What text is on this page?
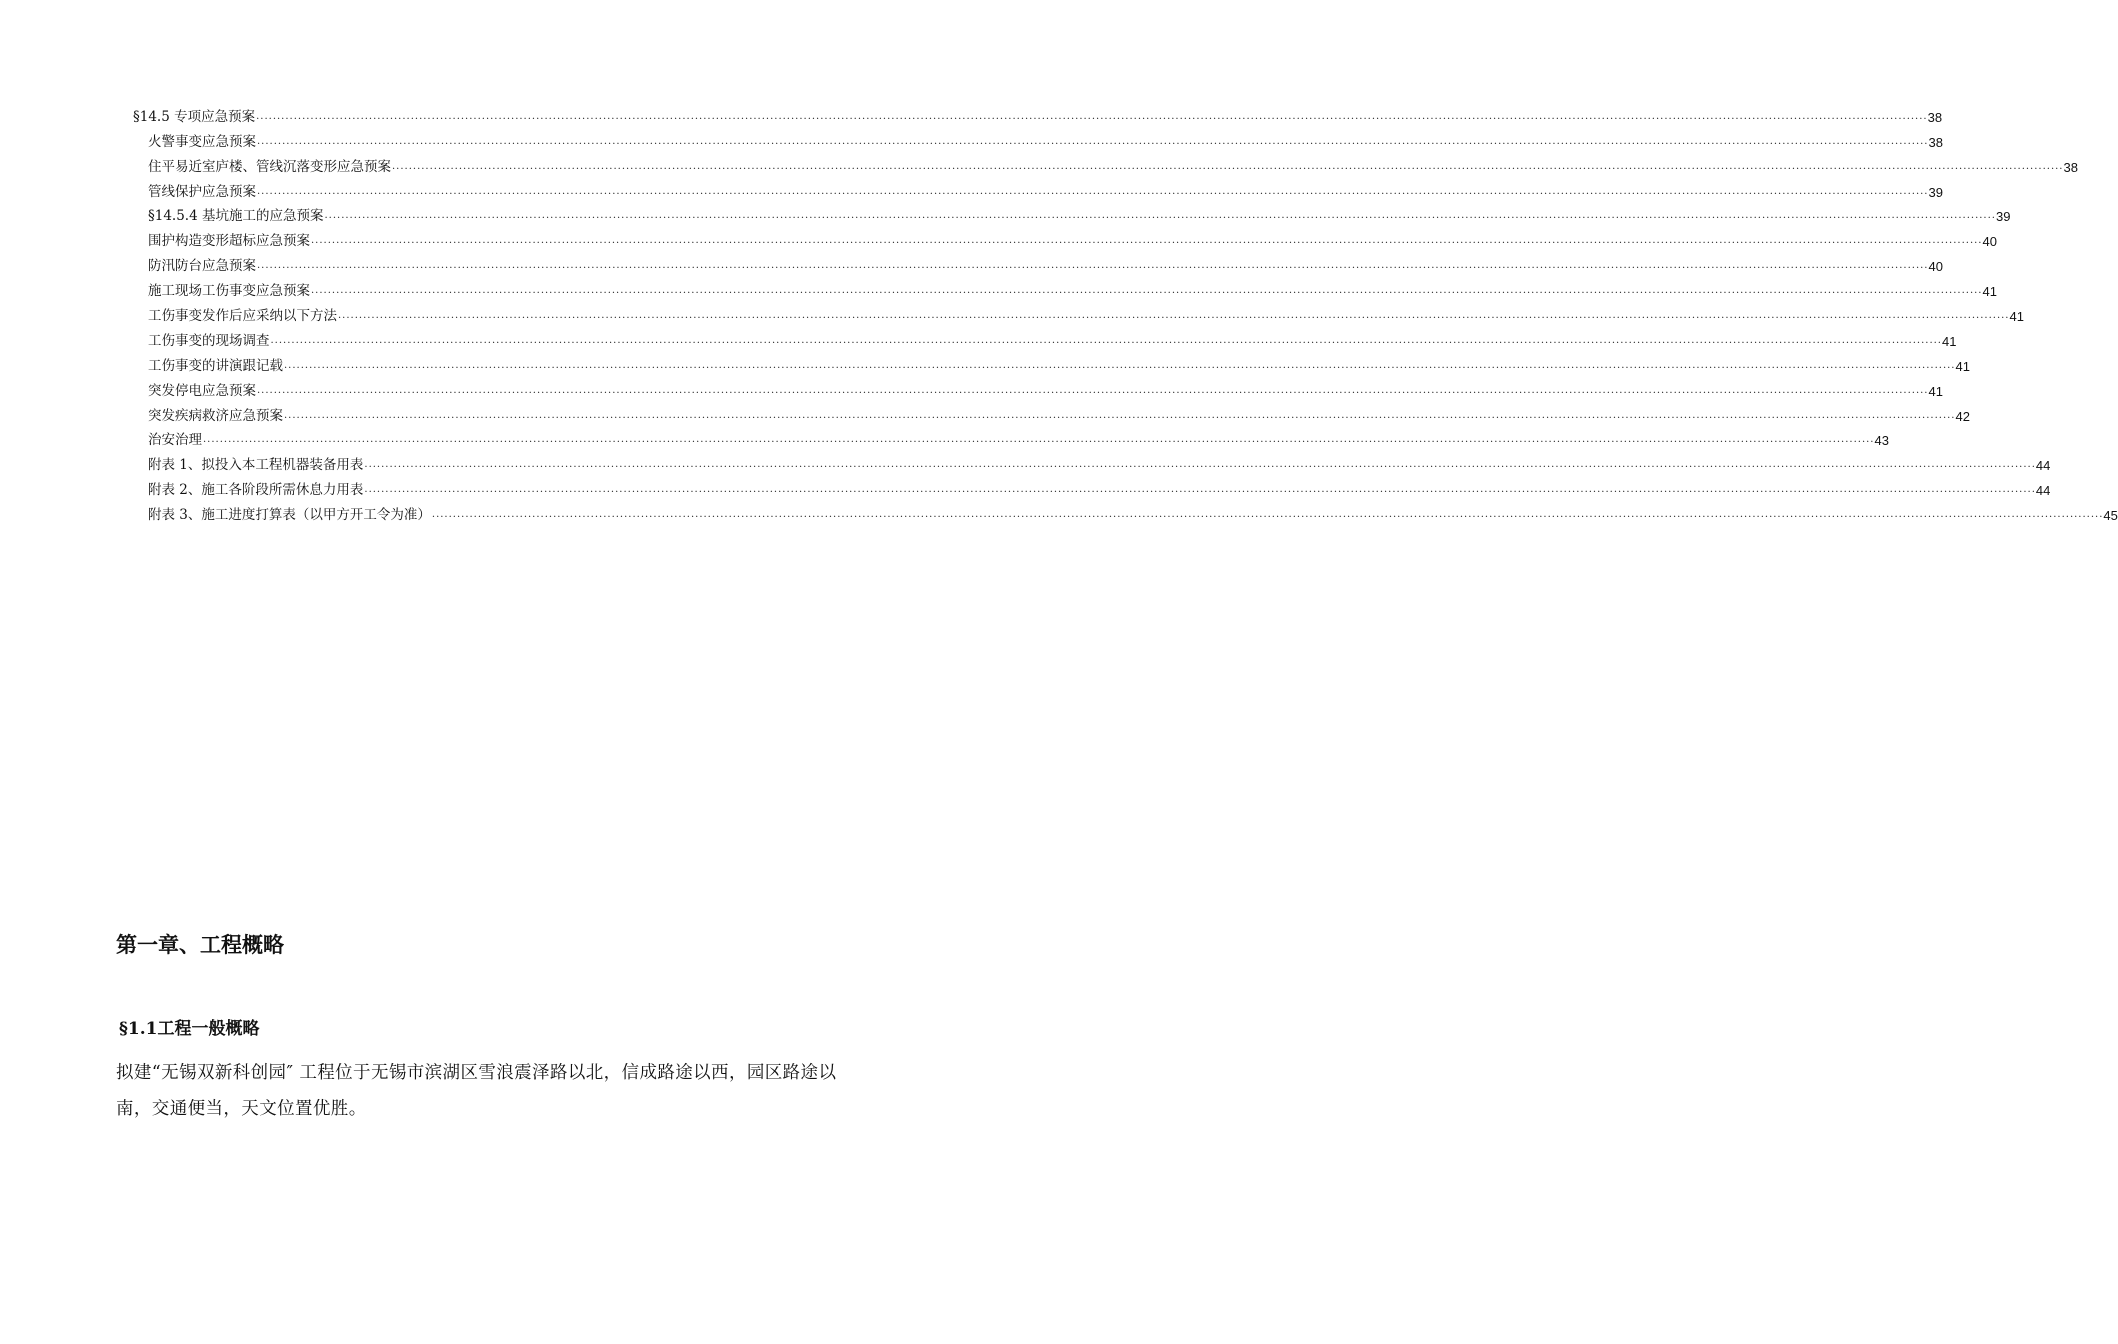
§14.5 专项应急预案 ................................................................................................................................................................................................................................................................................................................................................................................................................ 38
火警事变应急预案 ................................................................................................................................................................................................................................................................................................................................................................................................................ 38
住平易近室庐楼、管线沉落变形应急预案 ................................................................................................................................................................................................................................................................................................................................................................................................................ 38
管线保护应急预案 ................................................................................................................................................................................................................................................................................................................................................................................................................ 39
§14.5.4 基坑施工的应急预案 ................................................................................................................................................................................................................................................................................................................................................................................................................ 39
围护构造变形超标应急预案 ................................................................................................................................................................................................................................................................................................................................................................................................................ 40
防汛防台应急预案 ................................................................................................................................................................................................................................................................................................................................................................................................................ 40
施工现场工伤事变应急预案 ................................................................................................................................................................................................................................................................................................................................................................................................................ 41
工伤事变发作后应采纳以下方法 ................................................................................................................................................................................................................................................................................................................................................................................................................ 41
工伤事变的现场调查 ................................................................................................................................................................................................................................................................................................................................................................................................................ 41
工伤事变的讲演跟记载 ................................................................................................................................................................................................................................................................................................................................................................................................................ 41
突发停电应急预案 ................................................................................................................................................................................................................................................................................................................................................................................................................ 41
突发疾病救济应急预案 ................................................................................................................................................................................................................................................................................................................................................................................................................ 42
治安治理 ................................................................................................................................................................................................................................................................................................................................................................................................................ 43
附表 1、拟投入本工程机器装备用表 ................................................................................................................................................................................................................................................................................................................................................................................................................ 44
附表 2、施工各阶段所需休息力用表 ................................................................................................................................................................................................................................................................................................................................................................................................................ 44
附表 3、施工进度打算表（以甲方开工令为准） ................................................................................................................................................................................................................................................................................................................................................................................................................ 45
第一章、工程概略
§1.1工程一般概略

拟建“无锡双新科创园″ 工程位于无锡市滨湖区雪浪震泽路以北，信成路途以西，园区路途以南，交通便当，天文位置优胜。
